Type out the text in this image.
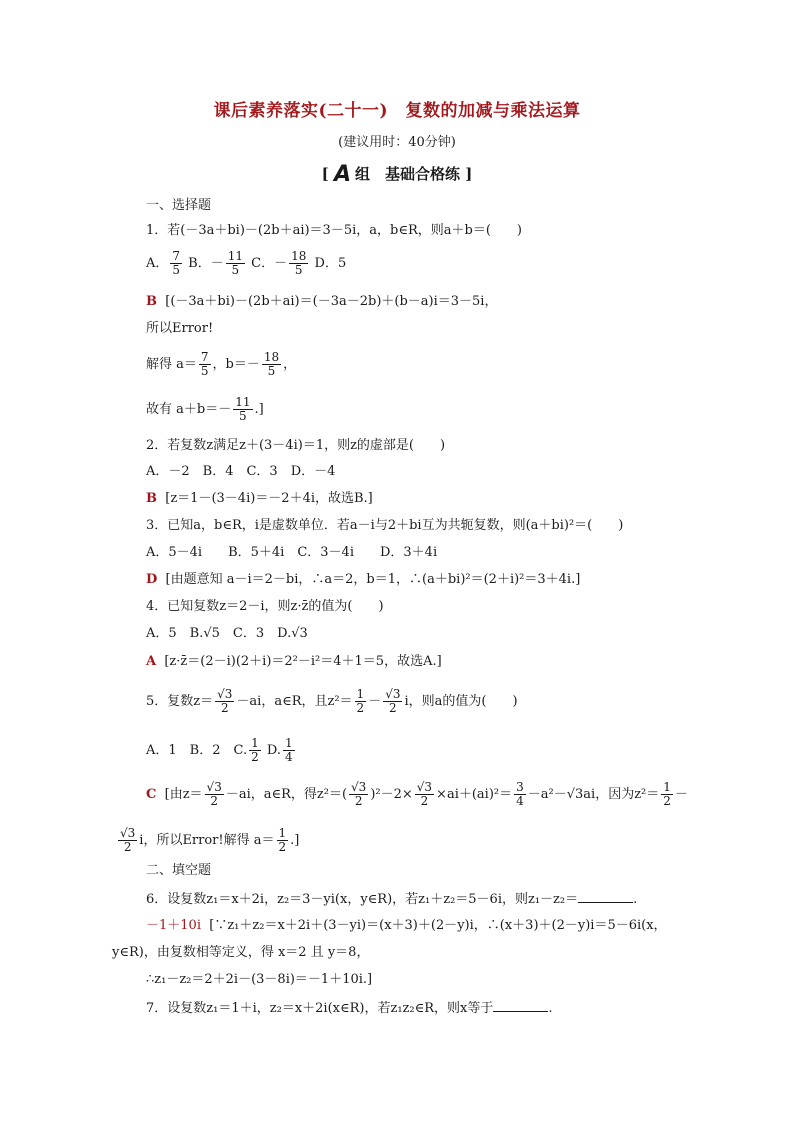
课后素养落实(二十一)　复数的加减与乘法运算
(建议用时：40分钟)
[ A 组　基础合格练 ]
一、选择题
1．若(－3a＋bi)－(2b＋ai)＝3－5i，a，b∈R，则a＋b＝(　　)
A． $\frac{7}{5}$ B．－ $\frac{11}{5}$ C．－ $\frac{18}{5}$ D．5
B [(－3a＋bi)－(2b＋ai)＝(－3a－2b)＋(b－a)i＝3－5i，
所以Error!
解得 $a= \frac{7}{5}$ ，$b=- \frac{18}{5}$ ，
故有 $a+b=- \frac{11}{5}$ .]
2．若复数z满足z＋(3－4i)＝1，则z的虚部是(　　)
A．－2　B．4　C．3　D．－4
B [z＝1－(3－4i)＝－2＋4i，故选B.]
3．已知a，b∈R，i是虚数单位．若a－i与2＋bi互为共轭复数，则(a＋bi)²＝(　　)
A．5－4i　　B．5＋4i　C．3－4i　　D．3＋4i
D [由题意知 a－i＝2－bi，∴a＝2，b＝1，∴(a＋bi)²＝(2＋i)²＝3＋4i.]
4．已知复数z＝2－i，则z·z̄的值为(　　)
A．5　B.√5　C．3　D.√3
A [z·z̄＝(2－i)(2＋i)＝2²－i²＝4＋1＝5，故选A.]
5．复数$z= \frac{√3}{2} -ai$，a∈R，且$z^2= \frac{1}{2} - \frac{√3}{2}$ i，则a的值为(　　)
A．1　B．2　C. $\frac{1}{2} D$. $\frac{1}{4}$
C [由$z= \frac{√3}{2} -ai$，a∈R，得$z^2=( \frac{√3}{2} )^2-2\times \frac{√3}{2} \times ai+(ai)^2= \frac{3}{4} -a^2-√3ai$，因为$z^2= \frac{1}{2}$ －
$\frac{√3}{2}$ i，所以Error!解得 $a= \frac{1}{2}$ .]
二、填空题
6．设复数z₁＝x＋2i，z₂＝3－yi(x，y∈R)，若z₁＋z₂＝5－6i，则z₁－z₂＝	.
－1＋10i [∵z₁＋z₂＝x＋2i＋(3－yi)＝(x＋3)＋(2－y)i，∴(x＋3)＋(2－y)i＝5－6i(x，
y∈R)，由复数相等定义，得 x＝2 且 y＝8，
∴z₁－z₂＝2＋2i－(3－8i)＝－1＋10i.]
7．设复数z₁＝1＋i，z₂＝x＋2i(x∈R)，若z₁z₂∈R，则x等于	.
